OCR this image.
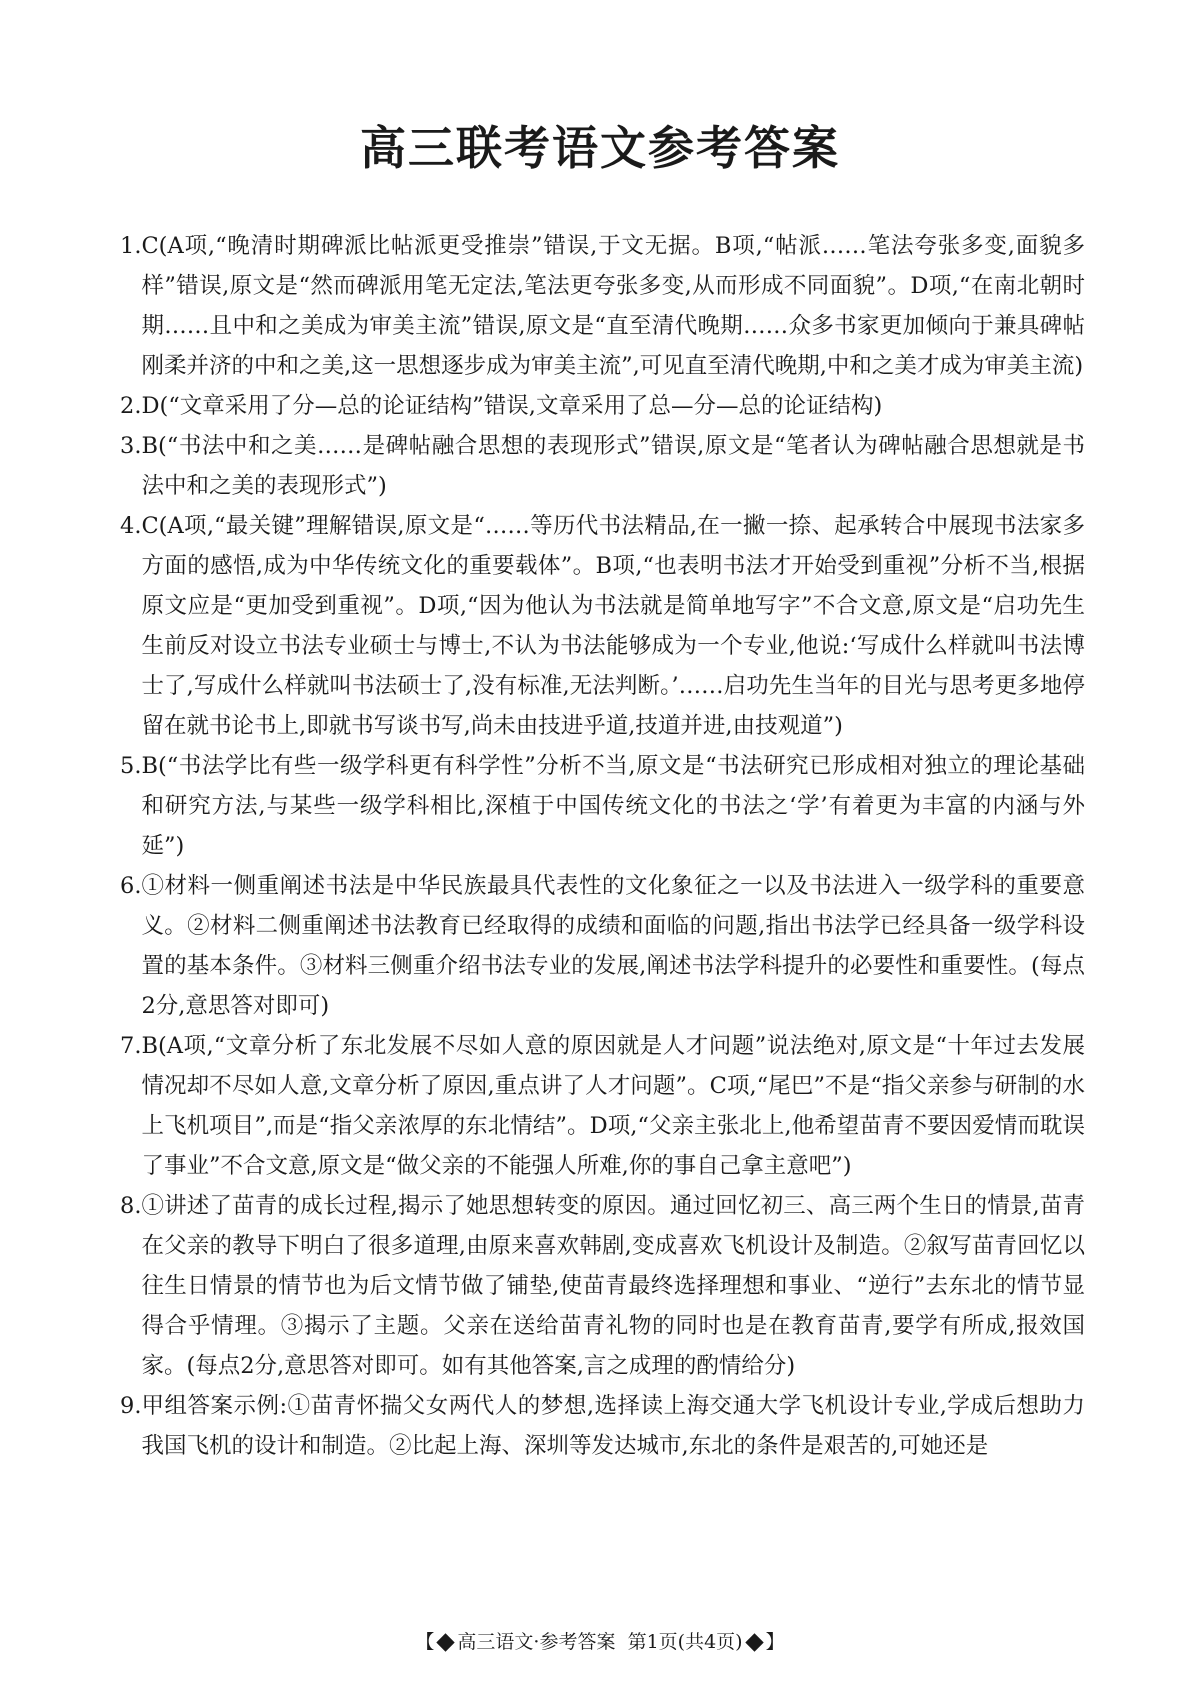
高三联考语文参考答案
1. C(A项,“晚清时期碑派比帖派更受推崇”错误,于文无据。B项,“帖派……笔法夸张多变,面貌多样”错误,原文是“然而碑派用笔无定法,笔法更夸张多变,从而形成不同面貌”。D项,“在南北朝时期……且中和之美成为审美主流”错误,原文是“直至清代晚期……众多书家更加倾向于兼具碑帖刚柔并济的中和之美,这一思想逐步成为审美主流”,可见直至清代晚期,中和之美才成为审美主流)
2. D(“文章采用了分—总的论证结构”错误,文章采用了总—分—总的论证结构)
3. B(“书法中和之美……是碑帖融合思想的表现形式”错误,原文是“笔者认为碑帖融合思想就是书法中和之美的表现形式”)
4. C(A项,“最关键”理解错误,原文是“……等历代书法精品,在一撇一捺、起承转合中展现书法家多方面的感悟,成为中华传统文化的重要载体”。B项,“也表明书法才开始受到重视”分析不当,根据原文应是“更加受到重视”。D项,“因为他认为书法就是简单地写字”不合文意,原文是“启功先生生前反对设立书法专业硕士与博士,不认为书法能够成为一个专业,他说:‘写成什么样就叫书法博士了,写成什么样就叫书法硕士了,没有标准,无法判断。’……启功先生当年的目光与思考更多地停留在就书论书上,即就书写谈书写,尚未由技进乎道,技道并进,由技观道”)
5. B(“书法学比有些一级学科更有科学性”分析不当,原文是“书法研究已形成相对独立的理论基础和研究方法,与某些一级学科相比,深植于中国传统文化的书法之‘学’有着更为丰富的内涵与外延”)
6. ①材料一侧重阐述书法是中华民族最具代表性的文化象征之一以及书法进入一级学科的重要意义。②材料二侧重阐述书法教育已经取得的成绩和面临的问题,指出书法学已经具备一级学科设置的基本条件。③材料三侧重介绍书法专业的发展,阐述书法学科提升的必要性和重要性。(每点2分,意思答对即可)
7. B(A项,“文章分析了东北发展不尽如人意的原因就是人才问题”说法绝对,原文是“十年过去发展情况却不尽如人意,文章分析了原因,重点讲了人才问题”。C项,“尾巴”不是“指父亲参与研制的水上飞机项目”,而是“指父亲浓厚的东北情结”。D项,“父亲主张北上,他希望苗青不要因爱情而耽误了事业”不合文意,原文是“做父亲的不能强人所难,你的事自己拿主意吧”)
8. ①讲述了苗青的成长过程,揭示了她思想转变的原因。通过回忆初三、高三两个生日的情景,苗青在父亲的教导下明白了很多道理,由原来喜欢韩剧,变成喜欢飞机设计及制造。②叙写苗青回忆以往生日情景的情节也为后文情节做了铺垫,使苗青最终选择理想和事业、“逆行”去东北的情节显得合乎情理。③揭示了主题。父亲在送给苗青礼物的同时也是在教育苗青,要学有所成,报效国家。(每点2分,意思答对即可。如有其他答案,言之成理的酌情给分)
9. 甲组答案示例:①苗青怀揣父女两代人的梦想,选择读上海交通大学飞机设计专业,学成后想助力我国飞机的设计和制造。②比起上海、深圳等发达城市,东北的条件是艰苦的,可她还是
【 高三语文·参考答案 第1页(共4页) 】
